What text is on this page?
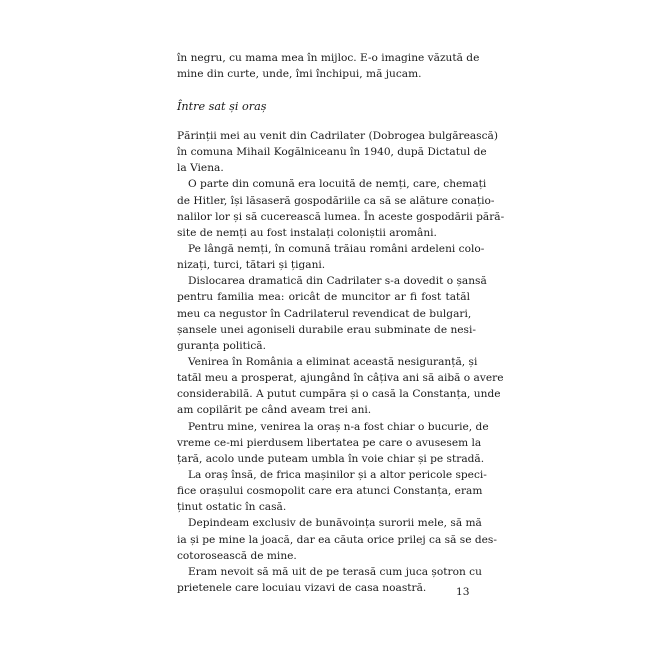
în negru, cu mama mea în mijloc. E-o imagine văzută de
mine din curte, unde, îmi închipui, mă jucam.
Între sat și oraș
Părinții mei au venit din Cadrilater (Dobrogea bulgărească)
în comuna Mihail Kogălniceanu în 1940, după Dictatul de
la Viena.
O parte din comună era locuită de nemți, care, chemați
de Hitler, își lăsaseră gospodăriile ca să se alăture conațio-
nalilor lor și să cucerească lumea. În aceste gospodării pără-
site de nemți au fost instalați coloniștii aromâni.
Pe lângă nemți, în comună trăiau români ardeleni colo-
nizați, turci, tătari și țigani.
Dislocarea dramatică din Cadrilater s-a dovedit o șansă
pentru familia mea: oricât de muncitor ar fi fost tatăl
meu ca negustor în Cadrilaterul revendicat de bulgari,
șansele unei agoniseli durabile erau subminate de nesi-
guranța politică.
Venirea în România a eliminat această nesiguranță, și
tatăl meu a prosperat, ajungând în câțiva ani să aibă o avere
considerabilă. A putut cumpăra și o casă la Constanța, unde
am copilărit pe când aveam trei ani.
Pentru mine, venirea la oraș n-a fost chiar o bucurie, de
vreme ce-mi pierdusem libertatea pe care o avusesem la
țară, acolo unde puteam umbla în voie chiar și pe stradă.
La oraș însă, de frica mașinilor și a altor pericole speci-
fice orașului cosmopolit care era atunci Constanța, eram
ținut ostatic în casă.
Depindeam exclusiv de bunăvoința surorii mele, să mă
ia și pe mine la joacă, dar ea căuta orice prilej ca să se des-
cotorosească de mine.
Eram nevoit să mă uit de pe terasă cum juca șotron cu
prietenele care locuiau vizavi de casa noastră.	13
